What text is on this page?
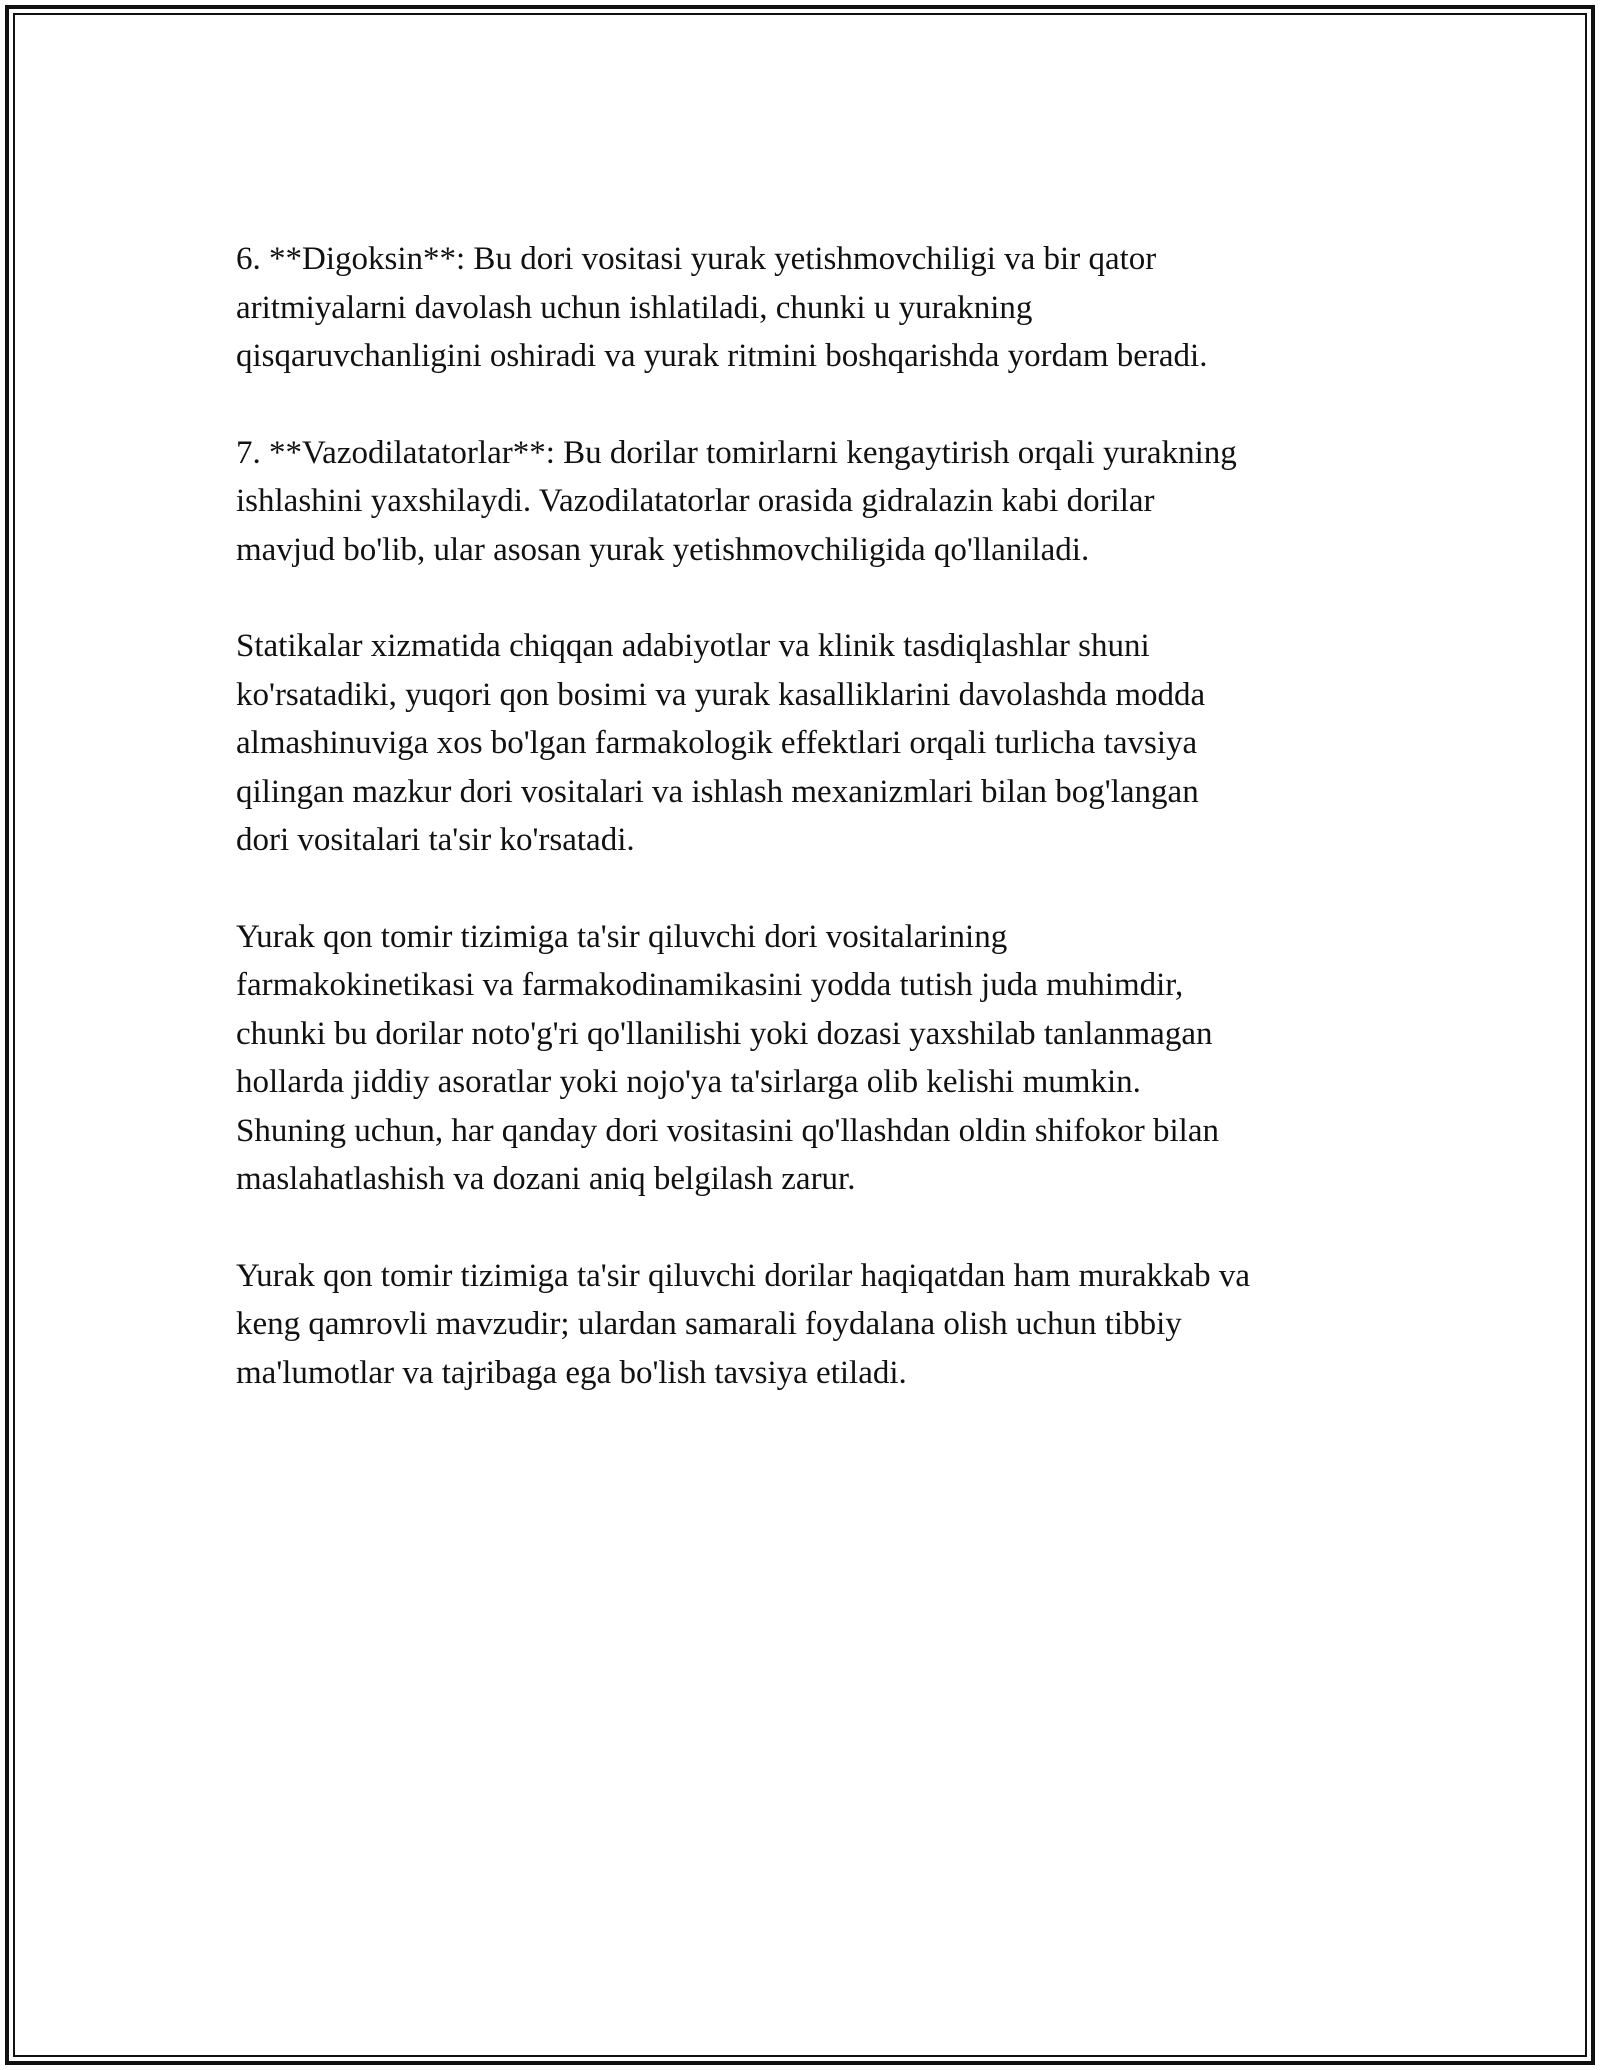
6. **Digoksin**: Bu dori vositasi yurak yetishmovchiligi va bir qator
aritmiyalarni davolash uchun ishlatiladi, chunki u yurakning
qisqaruvchanligini oshiradi va yurak ritmini boshqarishda yordam beradi.

7. **Vazodilatatorlar**: Bu dorilar tomirlarni kengaytirish orqali yurakning
ishlashini yaxshilaydi. Vazodilatatorlar orasida gidralazin kabi dorilar
mavjud bo'lib, ular asosan yurak yetishmovchiligida qo'llaniladi.

Statikalar xizmatida chiqqan adabiyotlar va klinik tasdiqlashlar shuni
ko'rsatadiki, yuqori qon bosimi va yurak kasalliklarini davolashda modda
almashinuviga xos bo'lgan farmakologik effektlari orqali turlicha tavsiya
qilingan mazkur dori vositalari va ishlash mexanizmlari bilan bog'langan
dori vositalari ta'sir ko'rsatadi.

Yurak qon tomir tizimiga ta'sir qiluvchi dori vositalarining
farmakokinetikasi va farmakodinamikasini yodda tutish juda muhimdir,
chunki bu dorilar noto'g'ri qo'llanilishi yoki dozasi yaxshilab tanlanmagan
hollarda jiddiy asoratlar yoki nojo'ya ta'sirlarga olib kelishi mumkin.
Shuning uchun, har qanday dori vositasini qo'llashdan oldin shifokor bilan
maslahatlashish va dozani aniq belgilash zarur.

Yurak qon tomir tizimiga ta'sir qiluvchi dorilar haqiqatdan ham murakkab va
keng qamrovli mavzudir; ulardan samarali foydalana olish uchun tibbiy
ma'lumotlar va tajribaga ega bo'lish tavsiya etiladi.
